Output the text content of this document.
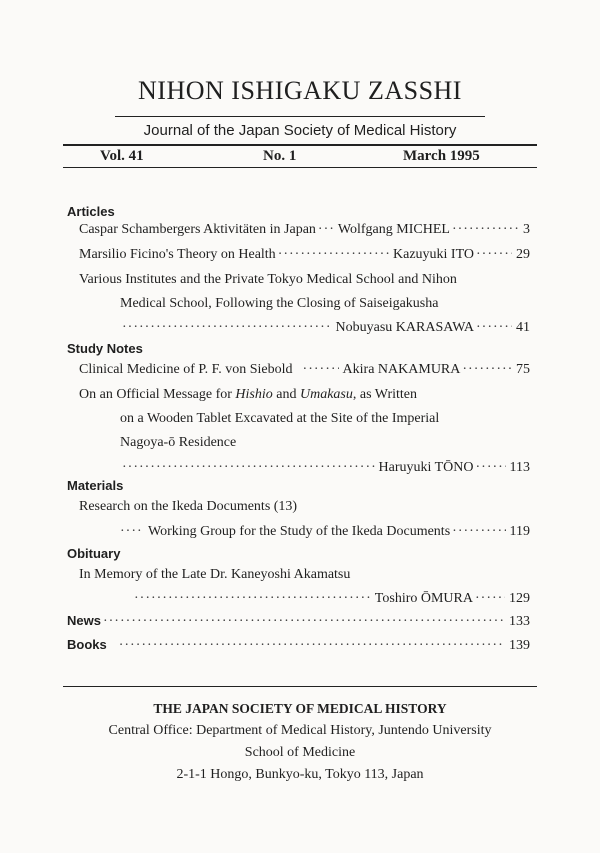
NIHON ISHIGAKU ZASSHI
Journal of the Japan Society of Medical History
Vol. 41	No. 1	March 1995
Articles
Caspar Schambergers Aktivitäten in Japan ····· Wolfgang MICHEL ·····	3
Marsilio Ficino's Theory on Health ·····	Kazuyuki ITO ·····	29
Various Institutes and the Private Tokyo Medical School and Nihon
Medical School, Following the Closing of Saiseigakusha
·····
Nobuyasu KARASAWA ·····	41
Study Notes
Clinical Medicine of P. F. von Siebold ·····	Akira NAKAMURA ·····	75
On an Official Message for Hishio and Umakasu, as Written
on a Wooden Tablet Excavated at the Site of the Imperial
Nagoya-ō Residence
·····
Haruyuki TŌNO ·····	113
Materials
Research on the Ikeda Documents (13)
·····
Working Group for the Study of the Ikeda Documents ·····	119
Obituary
In Memory of the Late Dr. Kaneyoshi Akamatsu
·····
Toshiro ŌMURA ·····	129
News ·····	133
Books ·····	139
THE JAPAN SOCIETY OF MEDICAL HISTORY
Central Office: Department of Medical History, Juntendo University
School of Medicine
2-1-1 Hongo, Bunkyo-ku, Tokyo 113, Japan
